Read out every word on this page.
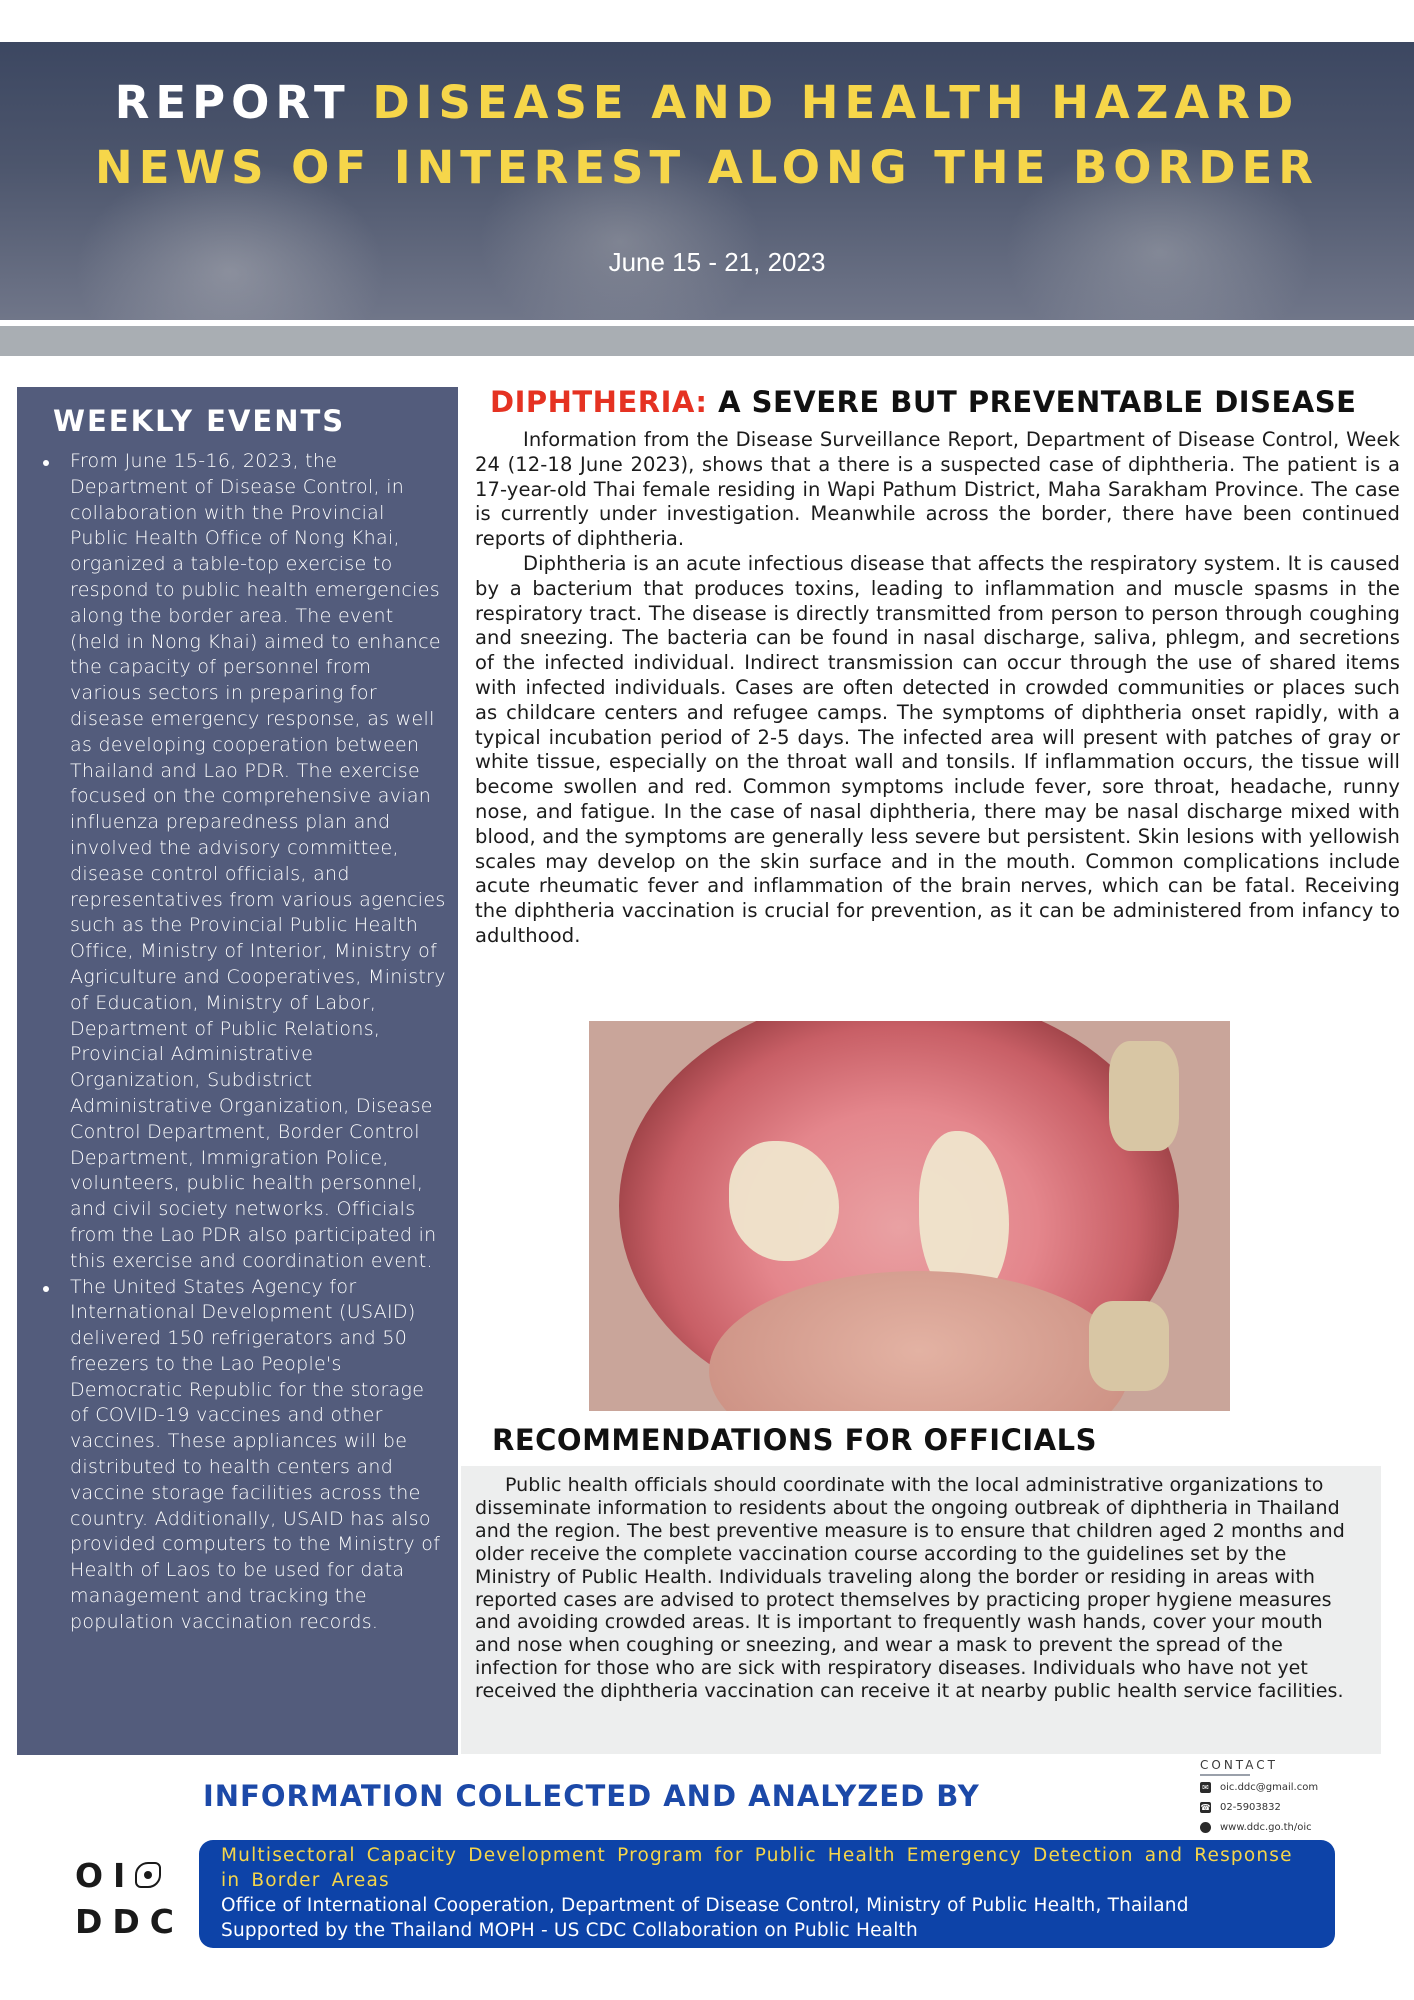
REPORT DISEASE AND HEALTH HAZARD
NEWS OF INTEREST ALONG THE BORDER
June 15 - 21, 2023
WEEKLY EVENTS
From June 15-16, 2023, the Department of Disease Control, in collaboration with the Provincial Public Health Office of Nong Khai, organized a table-top exercise to respond to public health emergencies along the border area. The event (held in Nong Khai) aimed to enhance the capacity of personnel from various sectors in preparing for disease emergency response, as well as developing cooperation between Thailand and Lao PDR. The exercise focused on the comprehensive avian influenza preparedness plan and involved the advisory committee, disease control officials, and representatives from various agencies such as the Provincial Public Health Office, Ministry of Interior, Ministry of Agriculture and Cooperatives, Ministry of Education, Ministry of Labor, Department of Public Relations, Provincial Administrative Organization, Subdistrict Administrative Organization, Disease Control Department, Border Control Department, Immigration Police, volunteers, public health personnel, and civil society networks. Officials from the Lao PDR also participated in this exercise and coordination event.
The United States Agency for International Development (USAID) delivered 150 refrigerators and 50 freezers to the Lao People's Democratic Republic for the storage of COVID-19 vaccines and other vaccines. These appliances will be distributed to health centers and vaccine storage facilities across the country. Additionally, USAID has also provided computers to the Ministry of Health of Laos to be used for data management and tracking the population vaccination records.
DIPHTHERIA: A SEVERE BUT PREVENTABLE DISEASE

Information from the Disease Surveillance Report, Department of Disease Control, Week 24 (12-18 June 2023), shows that a there is a suspected case of diphtheria. The patient is a 17-year-old Thai female residing in Wapi Pathum District, Maha Sarakham Province. The case is currently under investigation. Meanwhile across the border, there have been continued reports of diphtheria.

Diphtheria is an acute infectious disease that affects the respiratory system. It is caused by a bacterium that produces toxins, leading to inflammation and muscle spasms in the respiratory tract. The disease is directly transmitted from person to person through coughing and sneezing. The bacteria can be found in nasal discharge, saliva, phlegm, and secretions of the infected individual. Indirect transmission can occur through the use of shared items with infected individuals. Cases are often detected in crowded communities or places such as childcare centers and refugee camps. The symptoms of diphtheria onset rapidly, with a typical incubation period of 2-5 days. The infected area will present with patches of gray or white tissue, especially on the throat wall and tonsils. If inflammation occurs, the tissue will become swollen and red. Common symptoms include fever, sore throat, headache, runny nose, and fatigue. In the case of nasal diphtheria, there may be nasal discharge mixed with blood, and the symptoms are generally less severe but persistent. Skin lesions with yellowish scales may develop on the skin surface and in the mouth. Common complications include acute rheumatic fever and inflammation of the brain nerves, which can be fatal. Receiving the diphtheria vaccination is crucial for prevention, as it can be administered from infancy to adulthood.

RECOMMENDATIONS FOR OFFICIALS

Public health officials should coordinate with the local administrative organizations to disseminate information to residents about the ongoing outbreak of diphtheria in Thailand and the region. The best preventive measure is to ensure that children aged 2 months and older receive the complete vaccination course according to the guidelines set by the Ministry of Public Health. Individuals traveling along the border or residing in areas with reported cases are advised to protect themselves by practicing proper hygiene measures and avoiding crowded areas. It is important to frequently wash hands, cover your mouth and nose when coughing or sneezing, and wear a mask to prevent the spread of the infection for those who are sick with respiratory diseases. Individuals who have not yet received the diphtheria vaccination can receive it at nearby public health service facilities.

CONTACT
✉ oic.ddc@gmail.com
☎ 02-5903832
www.ddc.go.th/oic
INFORMATION COLLECTED AND ANALYZED BY
OI
DDC
Multisectoral Capacity Development Program for Public Health Emergency Detection and Response in Border Areas
Office of International Cooperation, Department of Disease Control, Ministry of Public Health, Thailand
Supported by the Thailand MOPH - US CDC Collaboration on Public Health
